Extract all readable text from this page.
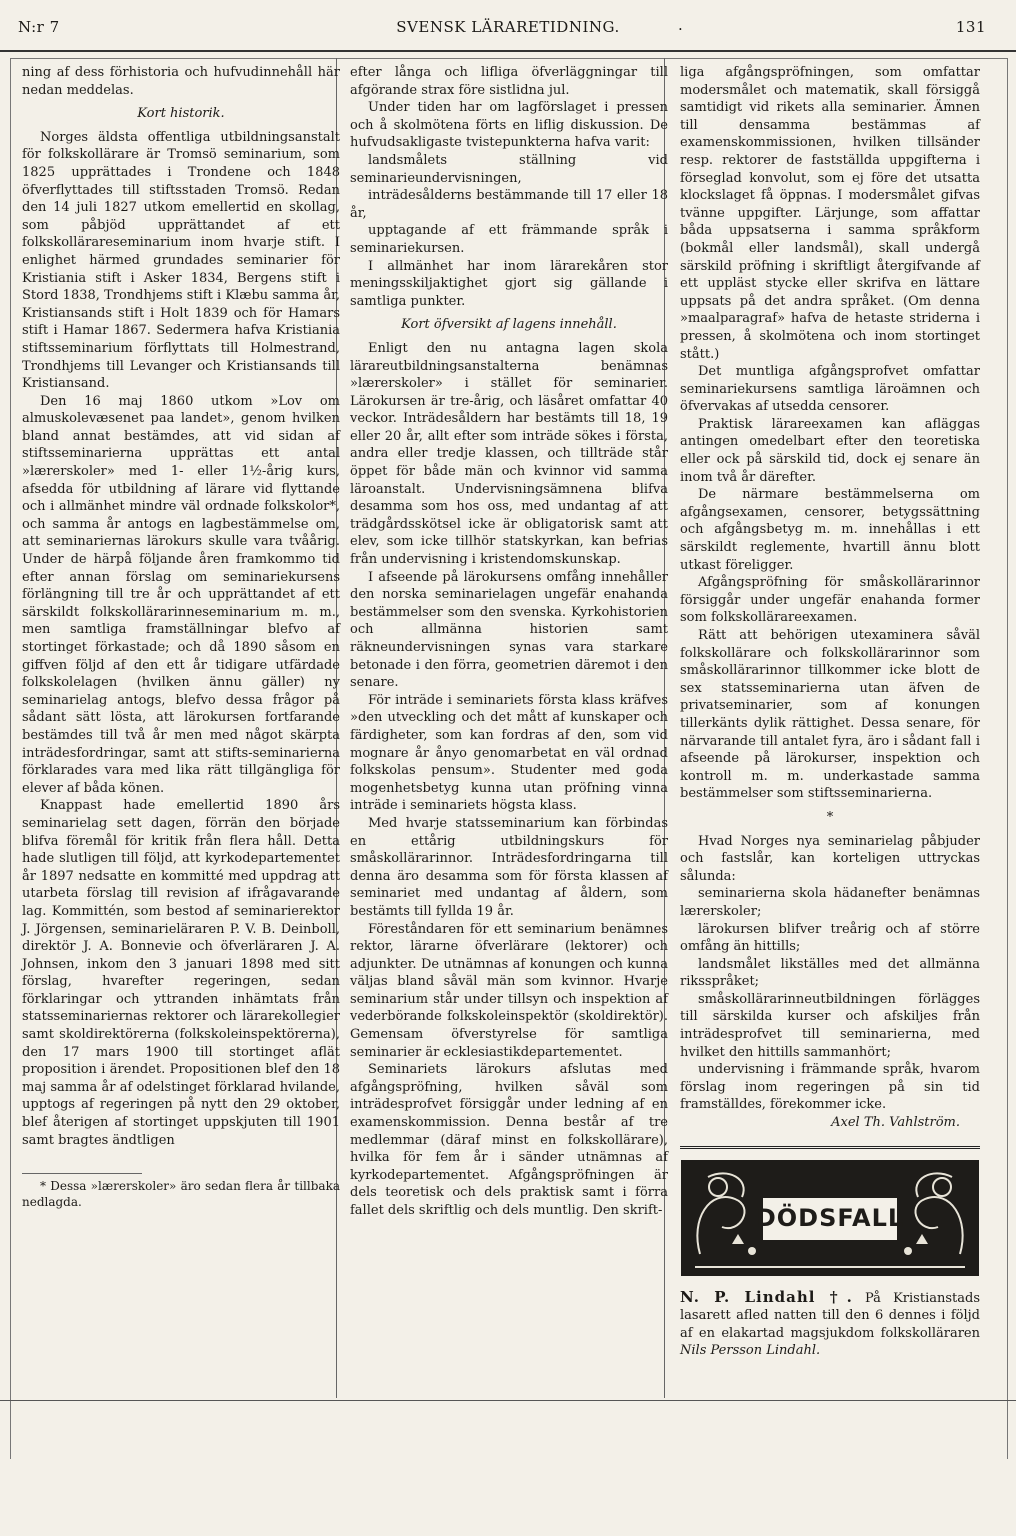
N:r 7	SVENSK LÄRARETIDNING.	.	131

ning af dess förhistoria och hufvudinnehåll här nedan meddelas.

Kort historik.

Norges äldsta offentliga utbildningsanstalt för folkskollärare är Tromsö seminarium, som 1825 upprättades i Trondene och 1848 öfverflyttades till stiftsstaden Tromsö. Redan den 14 juli 1827 utkom emellertid en skollag, som påbjöd upprättandet af ett folkskollärareseminarium inom hvarje stift. I enlighet härmed grundades seminarier för Kristiania stift i Asker 1834, Bergens stift i Stord 1838, Trondhjems stift i Klæbu samma år, Kristiansands stift i Holt 1839 och för Hamars stift i Hamar 1867. Sedermera hafva Kristiania stiftsseminarium förflyttats till Holmestrand, Trondhjems till Levanger och Kristiansands till Kristiansand.

Den 16 maj 1860 utkom »Lov om almuskolevæsenet paa landet», genom hvilken bland annat bestämdes, att vid sidan af stiftsseminarierna upprättas ett antal »lærerskoler» med 1- eller 1½-årig kurs, afsedda för utbildning af lärare vid flyttande och i allmänhet mindre väl ordnade folkskolor*, och samma år antogs en lagbestämmelse om, att seminariernas lärokurs skulle vara tvåårig. Under de härpå följande åren framkommo tid efter annan förslag om seminariekursens förlängning till tre år och upprättandet af ett särskildt folkskollärarinneseminarium m. m., men samtliga framställningar blefvo af stortinget förkastade; och då 1890 såsom en giffven följd af den ett år tidigare utfärdade folkskolelagen (hvilken ännu gäller) ny seminarielag antogs, blefvo dessa frågor på sådant sätt lösta, att lärokursen fortfarande bestämdes till två år men med något skärpta inträdesfordringar, samt att stifts-seminarierna förklarades vara med lika rätt tillgängliga för elever af båda könen.

Knappast hade emellertid 1890 års seminarielag sett dagen, förrän den började blifva föremål för kritik från flera håll. Detta hade slutligen till följd, att kyrkodepartementet år 1897 nedsatte en kommitté med uppdrag att utarbeta förslag till revision af ifrågavarande lag. Kommittén, som bestod af seminarierektor J. Jörgensen, seminarieläraren P. V. B. Deinboll, direktör J. A. Bonnevie och öfverläraren J. A. Johnsen, inkom den 3 januari 1898 med sitt förslag, hvarefter regeringen, sedan förklaringar och yttranden inhämtats från statsseminariernas rektorer och lärarekollegier samt skoldirektörerna (folkskoleinspektörerna), den 17 mars 1900 till stortinget aflät proposition i ärendet. Propositionen blef den 18 maj samma år af odelstinget förklarad hvilande, upptogs af regeringen på nytt den 29 oktober, blef återigen af stortinget uppskjuten till 1901 samt bragtes ändtligen

* Dessa »lærerskoler» äro sedan flera år tillbaka nedlagda.

efter långa och lifliga öfverläggningar till afgörande strax före sistlidna jul.

Under tiden har om lagförslaget i pressen och å skolmötena förts en liflig diskussion. De hufvudsakligaste tvistepunkterna hafva varit:

landsmålets ställning vid seminarieundervisningen,

inträdesålderns bestämmande till 17 eller 18 år,

upptagande af ett främmande språk i seminariekursen.

I allmänhet har inom lärarekåren stor meningsskiljaktighet gjort sig gällande i samtliga punkter.

Kort öfversikt af lagens innehåll.

Enligt den nu antagna lagen skola lärareutbildningsanstalterna benämnas »lærerskoler» i stället för seminarier. Lärokursen är tre-årig, och läsåret omfattar 40 veckor. Inträdesåldern har bestämts till 18, 19 eller 20 år, allt efter som inträde sökes i första, andra eller tredje klassen, och tillträde står öppet för både män och kvinnor vid samma läroanstalt. Undervisningsämnena blifva desamma som hos oss, med undantag af att trädgårdsskötsel icke är obligatorisk samt att elev, som icke tillhör statskyrkan, kan befrias från undervisning i kristendomskunskap.

I afseende på lärokursens omfång innehåller den norska seminarielagen ungefär enahanda bestämmelser som den svenska. Kyrkohistorien och allmänna historien samt räkneundervisningen synas vara starkare betonade i den förra, geometrien däremot i den senare.

För inträde i seminariets första klass kräfves »den utveckling och det mått af kunskaper och färdigheter, som kan fordras af den, som vid mognare år ånyo genomarbetat en väl ordnad folkskolas pensum». Studenter med goda mogenhetsbetyg kunna utan pröfning vinna inträde i seminariets högsta klass.

Med hvarje statsseminarium kan förbindas en ettårig utbildningskurs för småskollärarinnor. Inträdesfordringarna till denna äro desamma som för första klassen af seminariet med undantag af åldern, som bestämts till fyllda 19 år.

Föreståndaren för ett seminarium benämnes rektor, lärarne öfverlärare (lektorer) och adjunkter. De utnämnas af konungen och kunna väljas bland såväl män som kvinnor. Hvarje seminarium står under tillsyn och inspektion af vederbörande folkskoleinspektör (skoldirektör). Gemensam öfverstyrelse för samtliga seminarier är ecklesiastikdepartementet.

Seminariets lärokurs afslutas med afgångspröfning, hvilken såväl som inträdesprofvet försiggår under ledning af en examenskommission. Denna består af tre medlemmar (däraf minst en folkskollärare), hvilka för fem år i sänder utnämnas af kyrkodepartementet. Afgångspröfningen är dels teoretisk och dels praktisk samt i förra fallet dels skriftlig och dels muntlig. Den skrift-

liga afgångspröfningen, som omfattar modersmålet och matematik, skall försiggå samtidigt vid rikets alla seminarier. Ämnen till densamma bestämmas af examenskommissionen, hvilken tillsänder resp. rektorer de fastställda uppgifterna i förseglad konvolut, som ej före det utsatta klockslaget få öppnas. I modersmålet gifvas tvänne uppgifter. Lärjunge, som affattar båda uppsatserna i samma språkform (bokmål eller landsmål), skall undergå särskild pröfning i skriftligt återgifvande af ett uppläst stycke eller skrifva en lättare uppsats på det andra språket. (Om denna »maalparagraf» hafva de hetaste striderna i pressen, å skolmötena och inom stortinget stått.)

Det muntliga afgångsprofvet omfattar seminariekursens samtliga läroämnen och öfvervakas af utsedda censorer.

Praktisk lärareexamen kan afläggas antingen omedelbart efter den teoretiska eller ock på särskild tid, dock ej senare än inom två år därefter.

De närmare bestämmelserna om afgångsexamen, censorer, betygssättning och afgångsbetyg m. m. innehållas i ett särskildt reglemente, hvartill ännu blott utkast föreligger.

Afgångspröfning för småskollärarinnor försiggår under ungefär enahanda former som folkskollärareexamen.

Rätt att behörigen utexaminera såväl folkskollärare och folkskollärarinnor som småskollärarinnor tillkommer icke blott de sex statsseminarierna utan äfven de privatseminarier, som af konungen tillerkänts dylik rättighet. Dessa senare, för närvarande till antalet fyra, äro i sådant fall i afseende på lärokurser, inspektion och kontroll m. m. underkastade samma bestämmelser som stiftsseminarierna.

*

Hvad Norges nya seminarielag påbjuder och fastslår, kan korteligen uttryckas sålunda:

seminarierna skola hädanefter benämnas lærerskoler;

lärokursen blifver treårig och af större omfång än hittills;

landsmålet likställes med det allmänna riksspråket;

småskollärarinneutbildningen förlägges till särskilda kurser och afskiljes från inträdesprofvet till seminarierna, med hvilket den hittills sammanhört;

undervisning i främmande språk, hvarom förslag inom regeringen på sin tid framställdes, förekommer icke.

Axel Th. Vahlström.

DÖDSFALL

N. P. Lindahl †. På Kristianstads lasarett afled natten till den 6 dennes i följd af en elakartad magsjukdom folkskolläraren Nils Persson Lindahl.
